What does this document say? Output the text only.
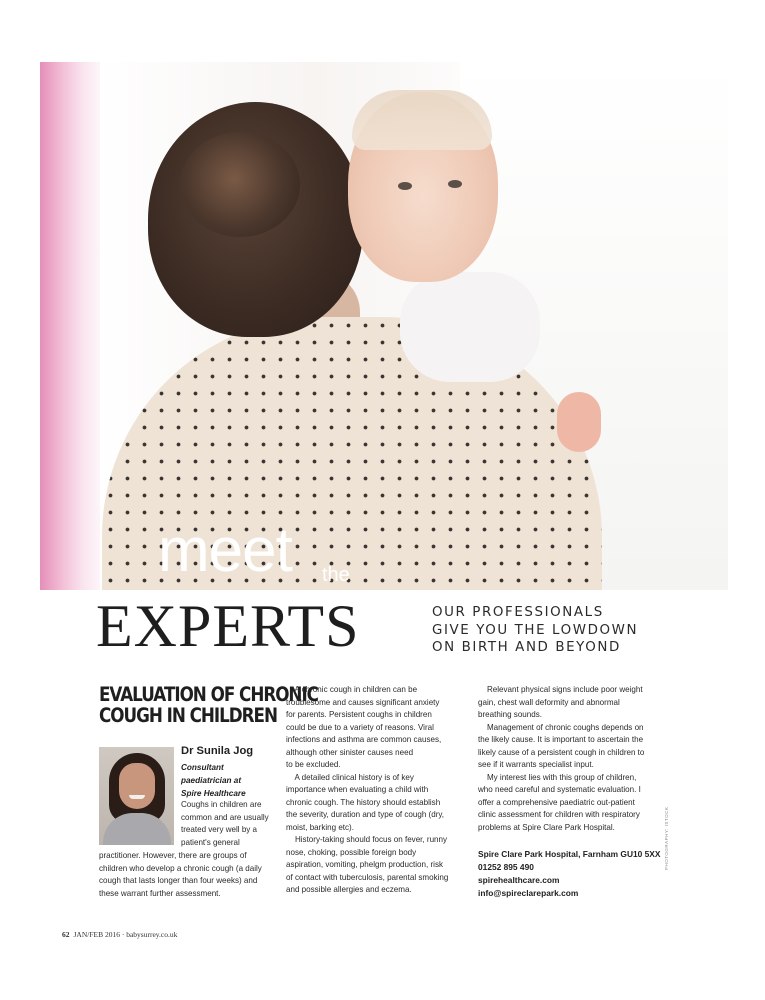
meet the
EXPERTS	OUR PROFESSIONALS
GIVE YOU THE LOWDOWN
ON BIRTH AND BEYOND
EVALUATION OF CHRONIC
COUGH IN CHILDREN
Dr Sunila Jog
Consultant
paediatrician at
Spire Healthcare
Coughs in children are
common and are usually
treated very well by a
patient's general
practitioner. However, there are groups of
children who develop a chronic cough (a daily
cough that lasts longer than four weeks) and
these warrant further assessment.
A chronic cough in children can be
troublesome and causes significant anxiety
for parents. Persistent coughs in children
could be due to a variety of reasons. Viral
infections and asthma are common causes,
although other sinister causes need
to be excluded.
A detailed clinical history is of key
importance when evaluating a child with
chronic cough. The history should establish
the severity, duration and type of cough (dry,
moist, barking etc).
History-taking should focus on fever, runny
nose, choking, possible foreign body
aspiration, vomiting, phelgm production, risk
of contact with tuberculosis, parental smoking
and possible allergies and eczema.
Relevant physical signs include poor weight
gain, chest wall deformity and abnormal
breathing sounds.
Management of chronic coughs depends on
the likely cause. It is important to ascertain the
likely cause of a persistent cough in children to
see if it warrants specialist input.
My interest lies with this group of children,
who need careful and systematic evaluation. I
offer a comprehensive paediatric out-patient
clinic assessment for children with respiratory
problems at Spire Clare Park Hospital.
Spire Clare Park Hospital, Farnham GU10 5XX
01252 895 490
spirehealthcare.com
info@spireclarepark.com
PHOTOGRAPHY: ISTOCK
62 JAN/FEB 2016 · babysurrey.co.uk
